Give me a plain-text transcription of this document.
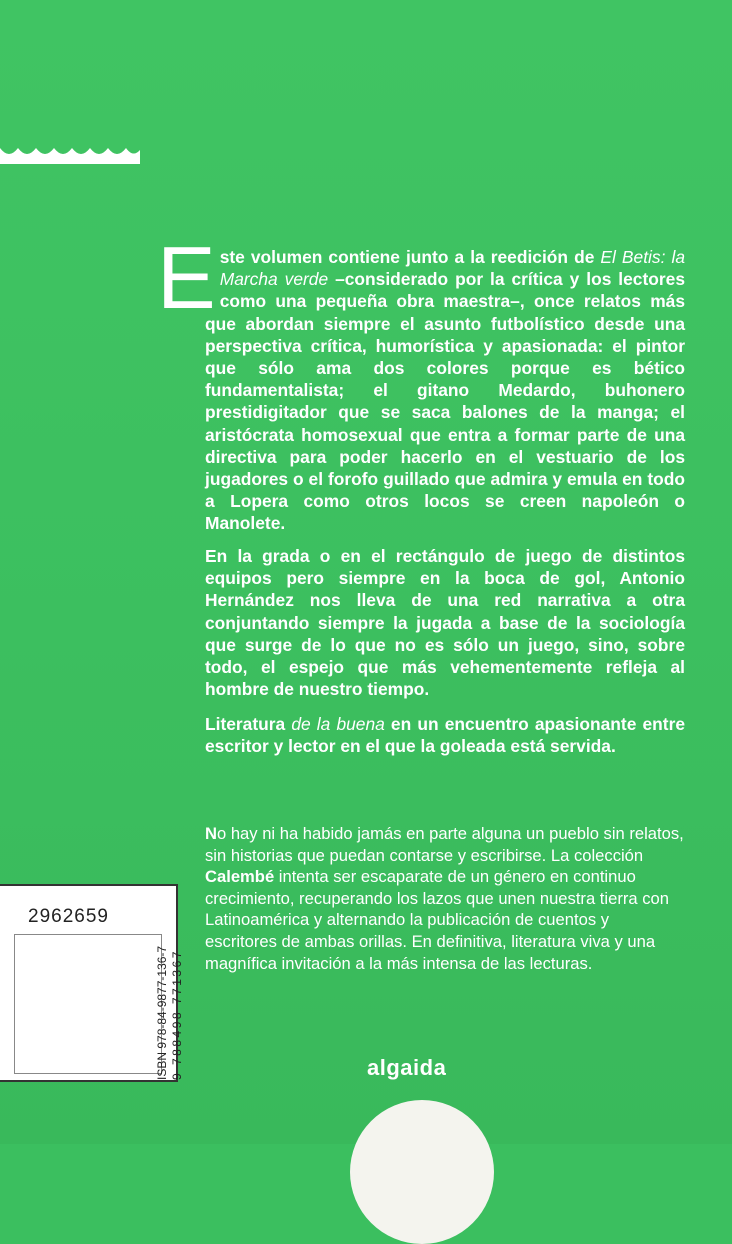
Este volumen contiene junto a la reedición de El Betis: la Marcha verde –considerado por la crítica y los lectores como una pequeña obra maestra–, once relatos más que abordan siempre el asunto futbolístico desde una perspectiva crítica, humorística y apasionada: el pintor que sólo ama dos colores porque es bético fundamentalista; el gitano Medardo, buhonero prestidigitador que se saca balones de la manga; el aristócrata homosexual que entra a formar parte de una directiva para poder hacerlo en el vestuario de los jugadores o el forofo guillado que admira y emula en todo a Lopera como otros locos se creen napoleón o Manolete.

En la grada o en el rectángulo de juego de distintos equipos pero siempre en la boca de gol, Antonio Hernández nos lleva de una red narrativa a otra conjuntando siempre la jugada a base de la sociología que surge de lo que no es sólo un juego, sino, sobre todo, el espejo que más vehementemente refleja al hombre de nuestro tiempo.

Literatura de la buena en un encuentro apasionante entre escritor y lector en el que la goleada está servida.

No hay ni ha habido jamás en parte alguna un pueblo sin relatos, sin historias que puedan contarse y escribirse. La colección Calembé intenta ser escaparate de un género en continuo crecimiento, recuperando los lazos que unen nuestra tierra con Latinoamérica y alternando la publicación de cuentos y escritores de ambas orillas. En definitiva, literatura viva y una magnífica invitación a la más intensa de las lecturas.

2962659
ISBN 978-84-9877-136-7 9 788498 771367	algaida
